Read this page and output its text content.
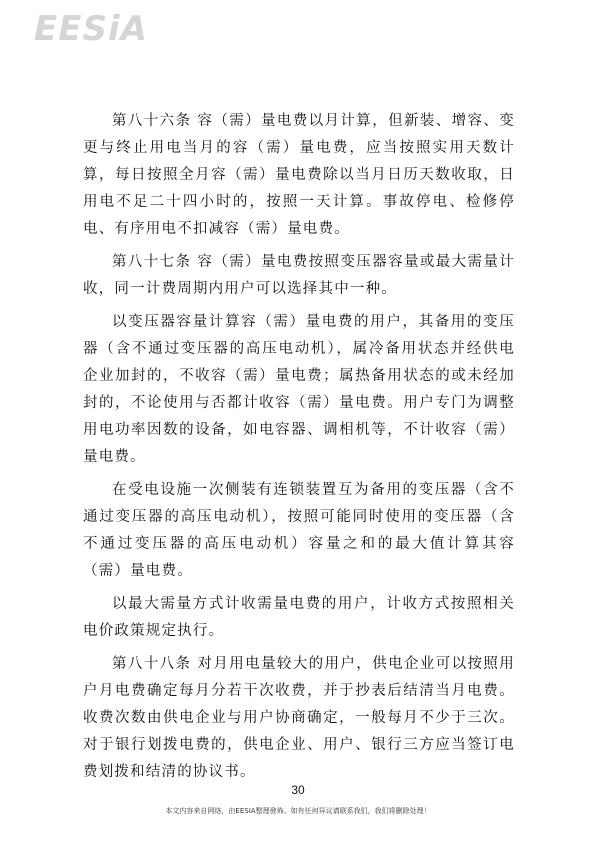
EESiA

第八十六条 容（需）量电费以月计算，但新装、增容、变更与终止用电当月的容（需）量电费，应当按照实用天数计算，每日按照全月容（需）量电费除以当月日历天数收取，日用电不足二十四小时的，按照一天计算。事故停电、检修停电、有序用电不扣减容（需）量电费。

第八十七条 容（需）量电费按照变压器容量或最大需量计收，同一计费周期内用户可以选择其中一种。

以变压器容量计算容（需）量电费的用户，其备用的变压器（含不通过变压器的高压电动机），属冷备用状态并经供电企业加封的，不收容（需）量电费；属热备用状态的或未经加封的，不论使用与否都计收容（需）量电费。用户专门为调整用电功率因数的设备，如电容器、调相机等，不计收容（需）量电费。

在受电设施一次侧装有连锁装置互为备用的变压器（含不通过变压器的高压电动机），按照可能同时使用的变压器（含不通过变压器的高压电动机）容量之和的最大值计算其容（需）量电费。

以最大需量方式计收需量电费的用户，计收方式按照相关电价政策规定执行。

第八十八条 对月用电量较大的用户，供电企业可以按照用户月电费确定每月分若干次收费，并于抄表后结清当月电费。收费次数由供电企业与用户协商确定，一般每月不少于三次。对于银行划拨电费的，供电企业、用户、银行三方应当签订电费划拨和结清的协议书。

30
本文内容来自网络，由EESIA整理發佈。如有任何异议请联系我们，我们将删除处理！
